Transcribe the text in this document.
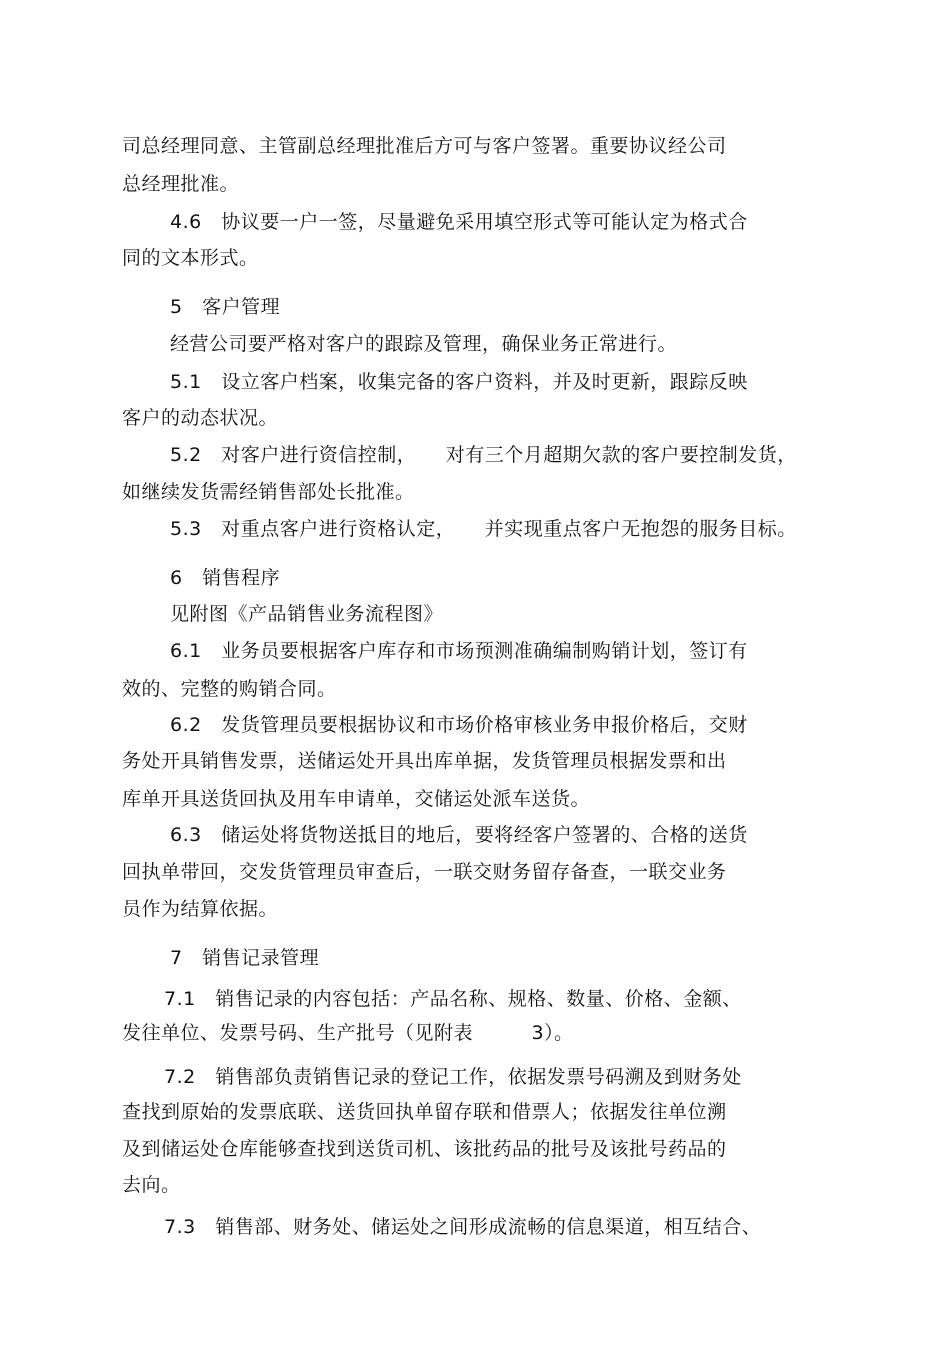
司总经理同意、主管副总经理批准后方可与客户签署。重要协议经公司
总经理批准。
4.6　协议要一户一签，尽量避免采用填空形式等可能认定为格式合
同的文本形式。
5　客户管理
经营公司要严格对客户的跟踪及管理，确保业务正常进行。
5.1　设立客户档案，收集完备的客户资料，并及时更新，跟踪反映
客户的动态状况。
5.2　对客户进行资信控制，　　对有三个月超期欠款的客户要控制发货，
如继续发货需经销售部处长批准。
5.3　对重点客户进行资格认定，　　并实现重点客户无抱怨的服务目标。
6　销售程序
见附图《产品销售业务流程图》
6.1　业务员要根据客户库存和市场预测准确编制购销计划，签订有
效的、完整的购销合同。
6.2　发货管理员要根据协议和市场价格审核业务申报价格后，交财
务处开具销售发票，送储运处开具出库单据，发货管理员根据发票和出
库单开具送货回执及用车申请单，交储运处派车送货。
6.3　储运处将货物送抵目的地后，要将经客户签署的、合格的送货
回执单带回，交发货管理员审查后，一联交财务留存备查，一联交业务
员作为结算依据。
7　销售记录管理
7.1　销售记录的内容包括：产品名称、规格、数量、价格、金额、
发往单位、发票号码、生产批号（见附表　　　3）。
7.2　销售部负责销售记录的登记工作，依据发票号码溯及到财务处
查找到原始的发票底联、送货回执单留存联和借票人；依据发往单位溯
及到储运处仓库能够查找到送货司机、该批药品的批号及该批号药品的
去向。
7.3　销售部、财务处、储运处之间形成流畅的信息渠道，相互结合、
